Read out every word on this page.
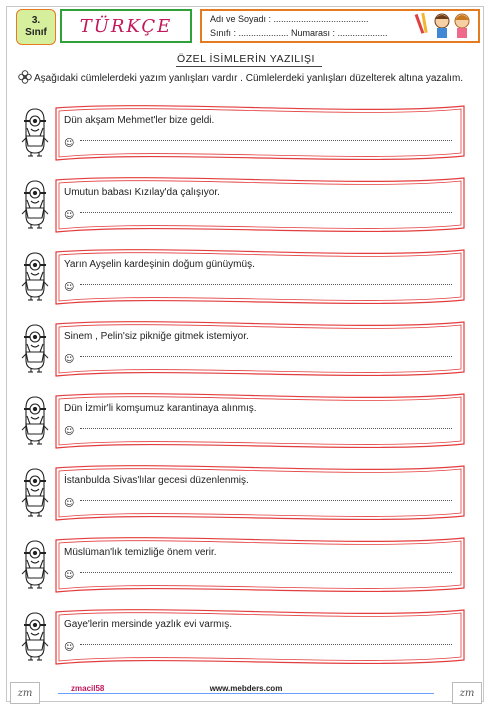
3.
Sınıf TÜRKÇE	Adı ve Soyadı : ......................................
Sınıfı : .................... Numarası : ....................
ÖZEL İSİMLERİN YAZILIŞI
Aşağıdaki cümlelerdeki yazım yanlışları vardır . Cümlelerdeki yanlışları düzelterek altına yazalım.
Dün akşam Mehmet'ler bize geldi.
☺
Umutun babası Kızılay'da çalışıyor.
☺
Yarın Ayşelin kardeşinin doğum günüymüş.
☺
Sinem , Pelin'siz pikniğe gitmek istemiyor.
☺
Dün İzmir'li komşumuz karantinaya alınmış.
☺
İstanbulda Sivas'lılar gecesi düzenlenmiş.
☺
Müslüman'lık temizliğe önem verir.
☺
Gaye'lerin mersinde yazlık evi varmış.
☺
zm	zmacil58	www.mebders.com	zm
